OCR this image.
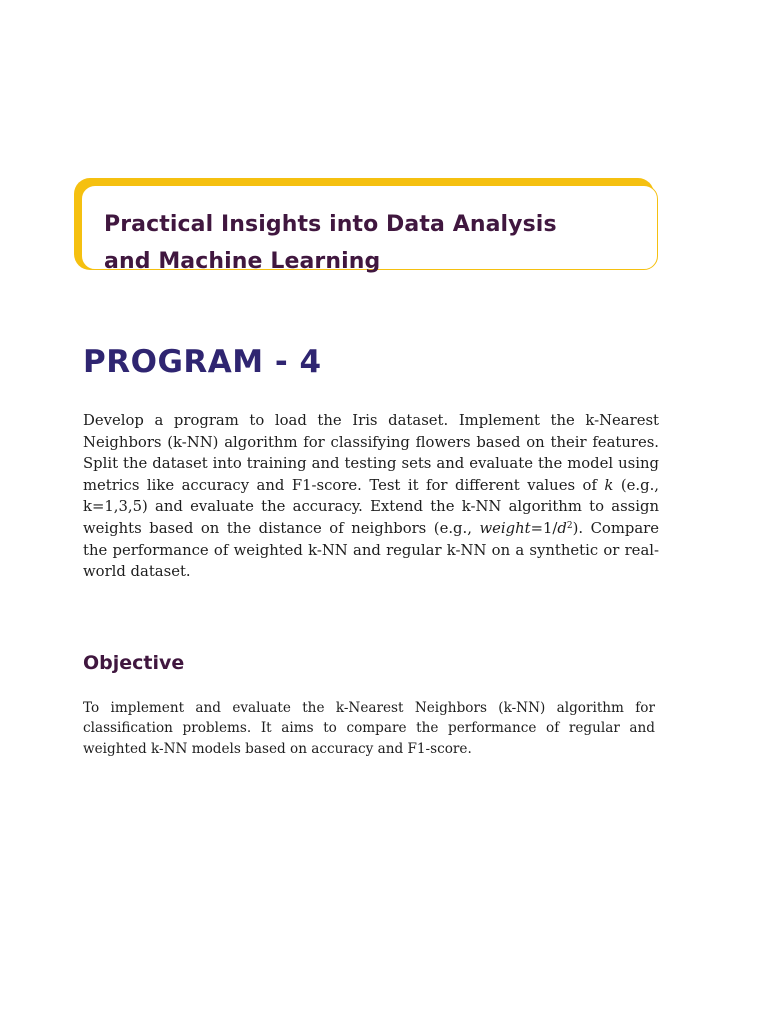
Practical Insights into Data Analysis
and Machine Learning
PROGRAM - 4

Develop a program to load the Iris dataset. Implement the k-Nearest Neighbors (k-NN) algorithm for classifying flowers based on their features. Split the dataset into training and testing sets and evaluate the model using metrics like accuracy and F1-score. Test it for different values of k (e.g., k=1,3,5) and evaluate the accuracy. Extend the k-NN algorithm to assign weights based on the distance of neighbors (e.g., $weight=1/d^2$). Compare the performance of weighted k-NN and regular k-NN on a synthetic or real-world dataset.

Objective

To implement and evaluate the k-Nearest Neighbors (k-NN) algorithm for classification problems. It aims to compare the performance of regular and weighted k-NN models based on accuracy and F1-score.
